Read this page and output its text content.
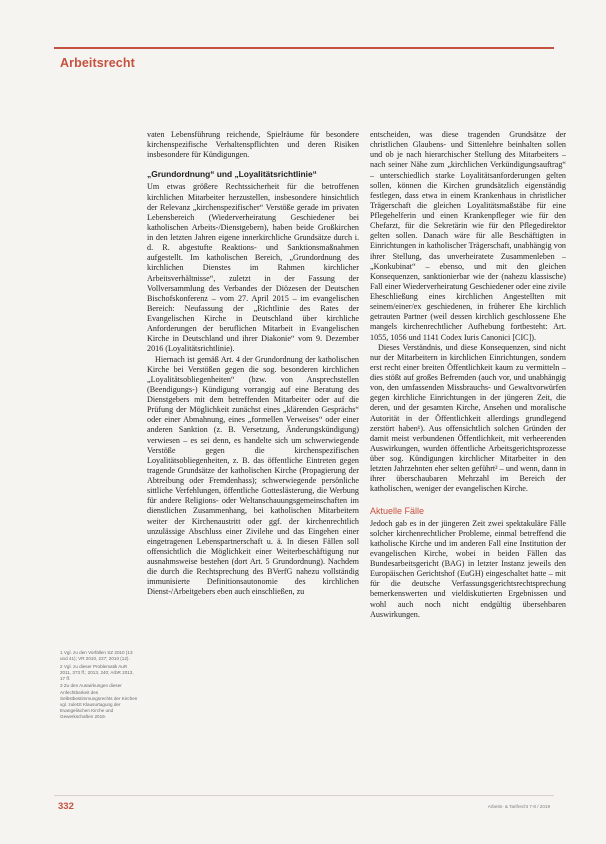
Arbeitsrecht

vaten Lebensführung reichende, Spielräume für besondere kirchenspezifische Verhaltenspflichten und deren Risiken insbesondere für Kündigungen.

„Grundordnung“ und „Loyalitätsrichtlinie“

Um etwas größere Rechtssicherheit für die betroffenen kirchlichen Mitarbeiter herzustellen, insbesondere hinsichtlich der Relevanz „kirchenspezifischer“ Verstöße gerade im privaten Lebensbereich (Wiederverheiratung Geschiedener bei katholischen Arbeits-/Dienstgebern), haben beide Großkirchen in den letzten Jahren eigene innerkirchliche Grundsätze durch i. d. R. abgestufte Reaktions- und Sanktionsmaßnahmen aufgestellt. Im katholischen Bereich, „Grundordnung des kirchlichen Dienstes im Rahmen kirchlicher Arbeitsverhältnisse“, zuletzt in der Fassung der Vollversammlung des Verbandes der Diözesen der Deutschen Bischofskonferenz – vom 27. April 2015 – im evangelischen Bereich: Neufassung der „Richtlinie des Rates der Evangelischen Kirche in Deutschland über kirchliche Anforderungen der beruflichen Mitarbeit in Evangelischen Kirche in Deutschland und ihrer Diakonie“ vom 9. Dezember 2016 (Loyalitätsrichtlinie).

Hiernach ist gemäß Art. 4 der Grundordnung der katholischen Kirche bei Verstößen gegen die sog. besonderen kirchlichen „Loyalitätsobliegenheiten“ (bzw. von Ansprechstellen (Beendigungs-) Kündigung vorrangig auf eine Beratung des Dienstgebers mit dem betreffenden Mitarbeiter oder auf die Prüfung der Möglichkeit zunächst eines „klärenden Gesprächs“ oder einer Abmahnung, eines „formellen Verweises“ oder einer anderen Sanktion (z. B. Versetzung, Änderungskündigung) verwiesen – es sei denn, es handelte sich um schwerwiegende Verstöße gegen die kirchenspezifischen Loyalitätsobliegenheiten, z. B. das öffentliche Eintreten gegen tragende Grundsätze der katholischen Kirche (Propagierung der Abtreibung oder Fremdenhass); schwerwiegende persönliche sittliche Verfehlungen, öffentliche Gotteslästerung, die Werbung für andere Religions- oder Weltanschauungsgemeinschaften im dienstlichen Zusammenhang, bei katholischen Mitarbeitern weiter der Kirchenaustritt oder ggf. der kirchenrechtlich unzulässige Abschluss einer Zivilehe und das Eingehen einer eingetragenen Lebenspartnerschaft u. ä. In diesen Fällen soll offensichtlich die Möglichkeit einer Weiterbeschäftigung nur ausnahmsweise bestehen (dort Art. 5 Grundordnung). Nachdem die durch die Rechtsprechung des BVerfG nahezu vollständig immunisierte Definitionsautonomie des kirchlichen Dienst-/Arbeitgebers eben auch einschließen, zu

entscheiden, was diese tragenden Grundsätze der christlichen Glaubens- und Sittenlehre beinhalten sollen und ob je nach hierarchischer Stellung des Mitarbeiters – nach seiner Nähe zum „kirchlichen Verkündigungsauftrag“ – unterschiedlich starke Loyalitätsanforderungen gelten sollen, können die Kirchen grundsätzlich eigenständig festlegen, dass etwa in einem Krankenhaus in christlicher Trägerschaft die gleichen Loyalitätsmaßstäbe für eine Pflegehelferin und einen Krankenpfleger wie für den Chefarzt, für die Sekretärin wie für den Pflegedirektor gelten sollen. Danach wäre für alle Beschäftigten in Einrichtungen in katholischer Trägerschaft, unabhängig von ihrer Stellung, das unverheiratete Zusammenleben – „Konkubinat“ – ebenso, und mit den gleichen Konsequenzen, sanktionierbar wie der (nahezu klassische) Fall einer Wiederverheiratung Geschiedener oder eine zivile Eheschließung eines kirchlichen Angestellten mit seinem/einer/ex geschiedenen, in früherer Ehe kirchlich getrauten Partner (weil dessen kirchlich geschlossene Ehe mangels kirchenrechtlicher Aufhebung fortbesteht: Art. 1055, 1056 und 1141 Codex Iuris Canonici [CIC]).

Dieses Verständnis, und diese Konsequenzen, sind nicht nur der Mitarbeitern in kirchlichen Einrichtungen, sondern erst recht einer breiten Öffentlichkeit kaum zu vermitteln – dies stößt auf großes Befremden (auch vor, und unabhängig von, den umfassenden Missbrauchs- und Gewaltvorwürfen gegen kirchliche Einrichtungen in der jüngeren Zeit, die deren, und der gesamten Kirche, Ansehen und moralische Autorität in der Öffentlichkeit allerdings grundlegend zerstört haben¹). Aus offensichtlich solchen Gründen der damit meist verbundenen Öffentlichkeit, mit verheerenden Auswirkungen, wurden öffentliche Arbeitsgerichtsprozesse über sog. Kündigungen kirchlicher Mitarbeiter in den letzten Jahrzehnten eher selten geführt² – und wenn, dann in ihrer überschaubaren Mehrzahl im Bereich der katholischen, weniger der evangelischen Kirche.

Aktuelle Fälle

Jedoch gab es in der jüngeren Zeit zwei spektakuläre Fälle solcher kirchenrechtlicher Probleme, einmal betreffend die katholische Kirche und im anderen Fall eine Institution der evangelischen Kirche, wobei in beiden Fällen das Bundesarbeitsgericht (BAG) in letzter Instanz jeweils den Europäischen Gerichtshof (EuGH) eingeschaltet hatte – mit für die deutsche Verfassungsgerichtsrechtsprechung bemerkenswerten und vieldiskutierten Ergebnissen und wohl auch noch nicht endgültig übersehbaren Auswirkungen.

1 Vgl. zu den Vorfällen SZ 2010 (13 und 41); VR 2010, 227; 2010 (12).

2 Vgl. zu dieser Problematik AuR 2011, 373 ff.; 2013, 240; ArbR 2013, 17 ff.

3 Zu den Auswirkungen dieser Anfechtbarkeit des Selbstbestimmungsrechts der Kirchen vgl. zuletzt Klausurtagung der Evangelischen Kirche und Gewerkschaften 2019.

332	Arbeits- & Tarifrecht 7-8 / 2019
